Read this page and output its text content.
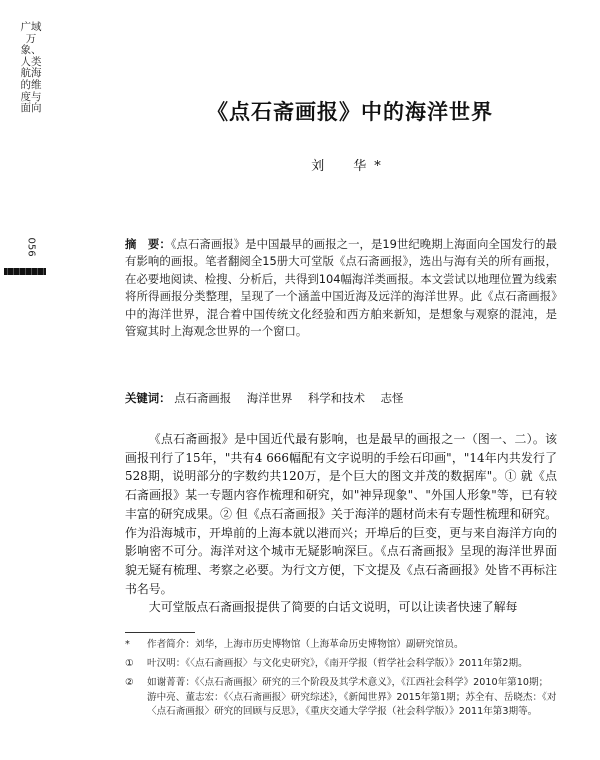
广域万象、人类航海的维度与面向
056
《点石斋画报》中的海洋世界
刘　华*
摘　要：《点石斋画报》是中国最早的画报之一，是19世纪晚期上海面向全国发行的最有影响的画报。笔者翻阅全15册大可堂版《点石斋画报》，选出与海有关的所有画报，在必要地阅读、检搜、分析后，共得到104幅海洋类画报。本文尝试以地理位置为线索将所得画报分类整理，呈现了一个涵盖中国近海及远洋的海洋世界。此《点石斋画报》中的海洋世界，混合着中国传统文化经验和西方舶来新知，是想象与观察的混沌，是管窥其时上海观念世界的一个窗口。
关键词： 点石斋画报 海洋世界 科学和技术 志怪

《点石斋画报》是中国近代最有影响，也是最早的画报之一（图一、二）。该画报刊行了15年，"共有4 666幅配有文字说明的手绘石印画"，"14年内共发行了528期，说明部分的字数约共120万，是个巨大的图文并茂的数据库"。① 就《点石斋画报》某一专题内容作梳理和研究，如"神异现象"、"外国人形象"等，已有较丰富的研究成果。② 但《点石斋画报》关于海洋的题材尚未有专题性梳理和研究。作为沿海城市，开埠前的上海本就以港而兴；开埠后的巨变，更与来自海洋方向的影响密不可分。海洋对这个城市无疑影响深巨。《点石斋画报》呈现的海洋世界面貌无疑有梳理、考察之必要。为行文方便，下文提及《点石斋画报》处皆不再标注书名号。

大可堂版点石斋画报提供了简要的白话文说明，可以让读者快速了解每

*	作者简介：刘华，上海市历史博物馆（上海革命历史博物馆）副研究馆员。
①	叶汉明：《〈点石斋画报〉与文化史研究》，《南开学报（哲学社会科学版）》2011年第2期。
②	如谢菁菁：《〈点石斋画报〉研究的三个阶段及其学术意义》，《江西社会科学》2010年第10期；游中亮、董志宏：《〈点石斋画报〉研究综述》，《新闻世界》2015年第1期；苏全有、岳晓杰：《对〈点石斋画报〉研究的回顾与反思》，《重庆交通大学学报（社会科学版）》2011年第3期等。
